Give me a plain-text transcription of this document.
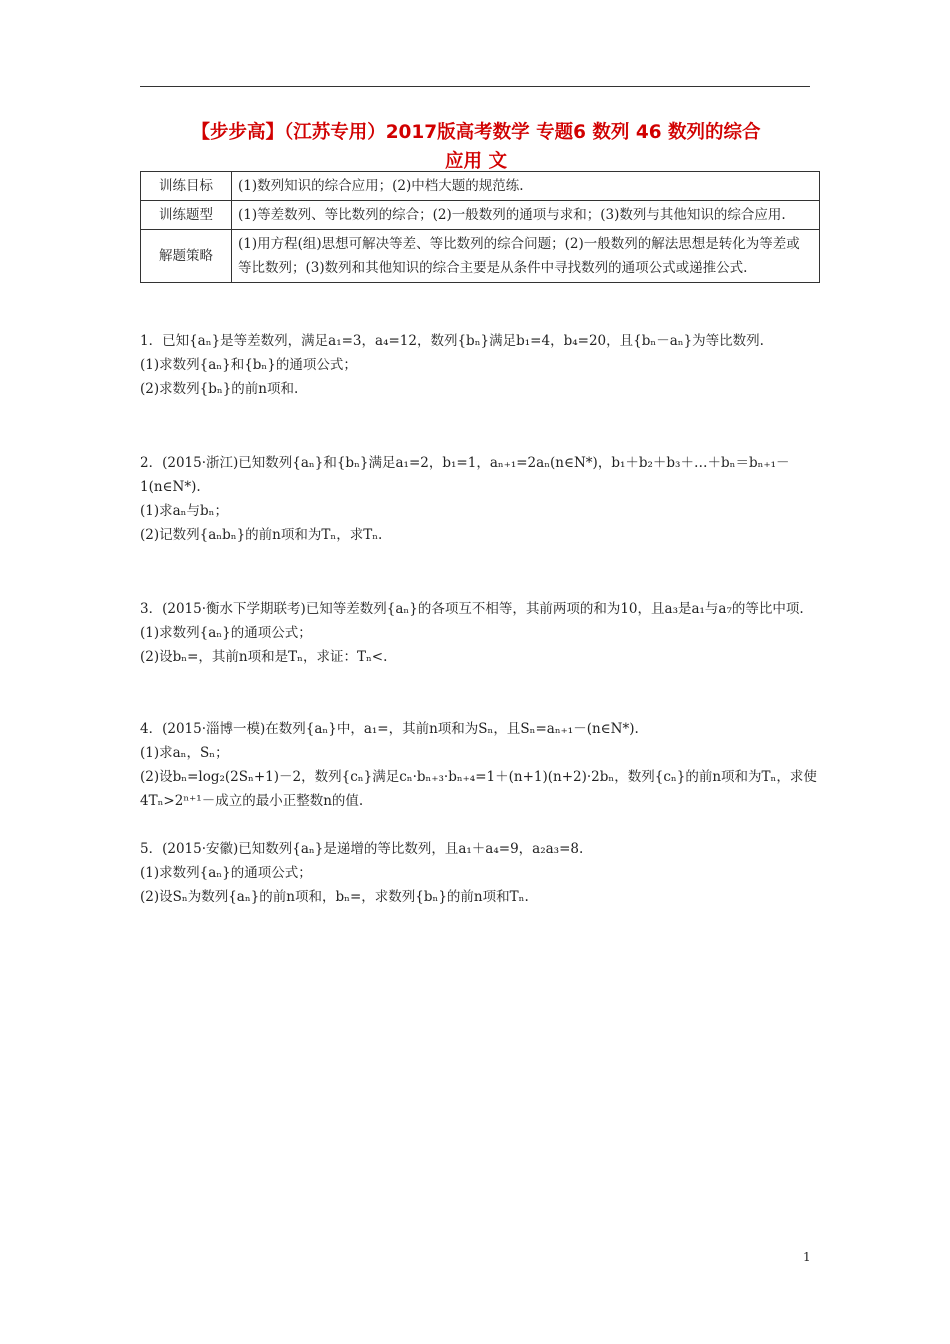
【步步高】（江苏专用）2017版高考数学 专题6 数列 46 数列的综合
应用 文
训练目标	(1)数列知识的综合应用；(2)中档大题的规范练.
训练题型	(1)等差数列、等比数列的综合；(2)一般数列的通项与求和；(3)数列与其他知识的综合应用.
解题策略	(1)用方程(组)思想可解决等差、等比数列的综合问题；(2)一般数列的解法思想是转化为等差或等比数列；(3)数列和其他知识的综合主要是从条件中寻找数列的通项公式或递推公式.

1．已知{aₙ}是等差数列，满足a₁=3，a₄=12，数列{bₙ}满足b₁=4，b₄=20，且{bₙ－aₙ}为等比数列.

(1)求数列{aₙ}和{bₙ}的通项公式；

(2)求数列{bₙ}的前n项和.

2．(2015·浙江)已知数列{aₙ}和{bₙ}满足a₁=2，b₁=1，aₙ₊₁=2aₙ(n∈N*)，b₁＋b₂＋b₃＋…＋bₙ＝bₙ₊₁－1(n∈N*).

(1)求aₙ与bₙ；

(2)记数列{aₙbₙ}的前n项和为Tₙ，求Tₙ.

3．(2015·衡水下学期联考)已知等差数列{aₙ}的各项互不相等，其前两项的和为10，且a₃是a₁与a₇的等比中项.

(1)求数列{aₙ}的通项公式；

(2)设bₙ=，其前n项和是Tₙ，求证：Tₙ<.

4．(2015·淄博一模)在数列{aₙ}中，a₁=，其前n项和为Sₙ，且Sₙ=aₙ₊₁－(n∈N*).

(1)求aₙ，Sₙ；

(2)设bₙ=log₂(2Sₙ+1)－2，数列{cₙ}满足cₙ·bₙ₊₃·bₙ₊₄=1＋(n+1)(n+2)·2bₙ，数列{cₙ}的前n项和为Tₙ，求使4Tₙ>2ⁿ⁺¹－成立的最小正整数n的值.

5．(2015·安徽)已知数列{aₙ}是递增的等比数列，且a₁＋a₄=9，a₂a₃=8.

(1)求数列{aₙ}的通项公式；

(2)设Sₙ为数列{aₙ}的前n项和，bₙ=，求数列{bₙ}的前n项和Tₙ.

1
